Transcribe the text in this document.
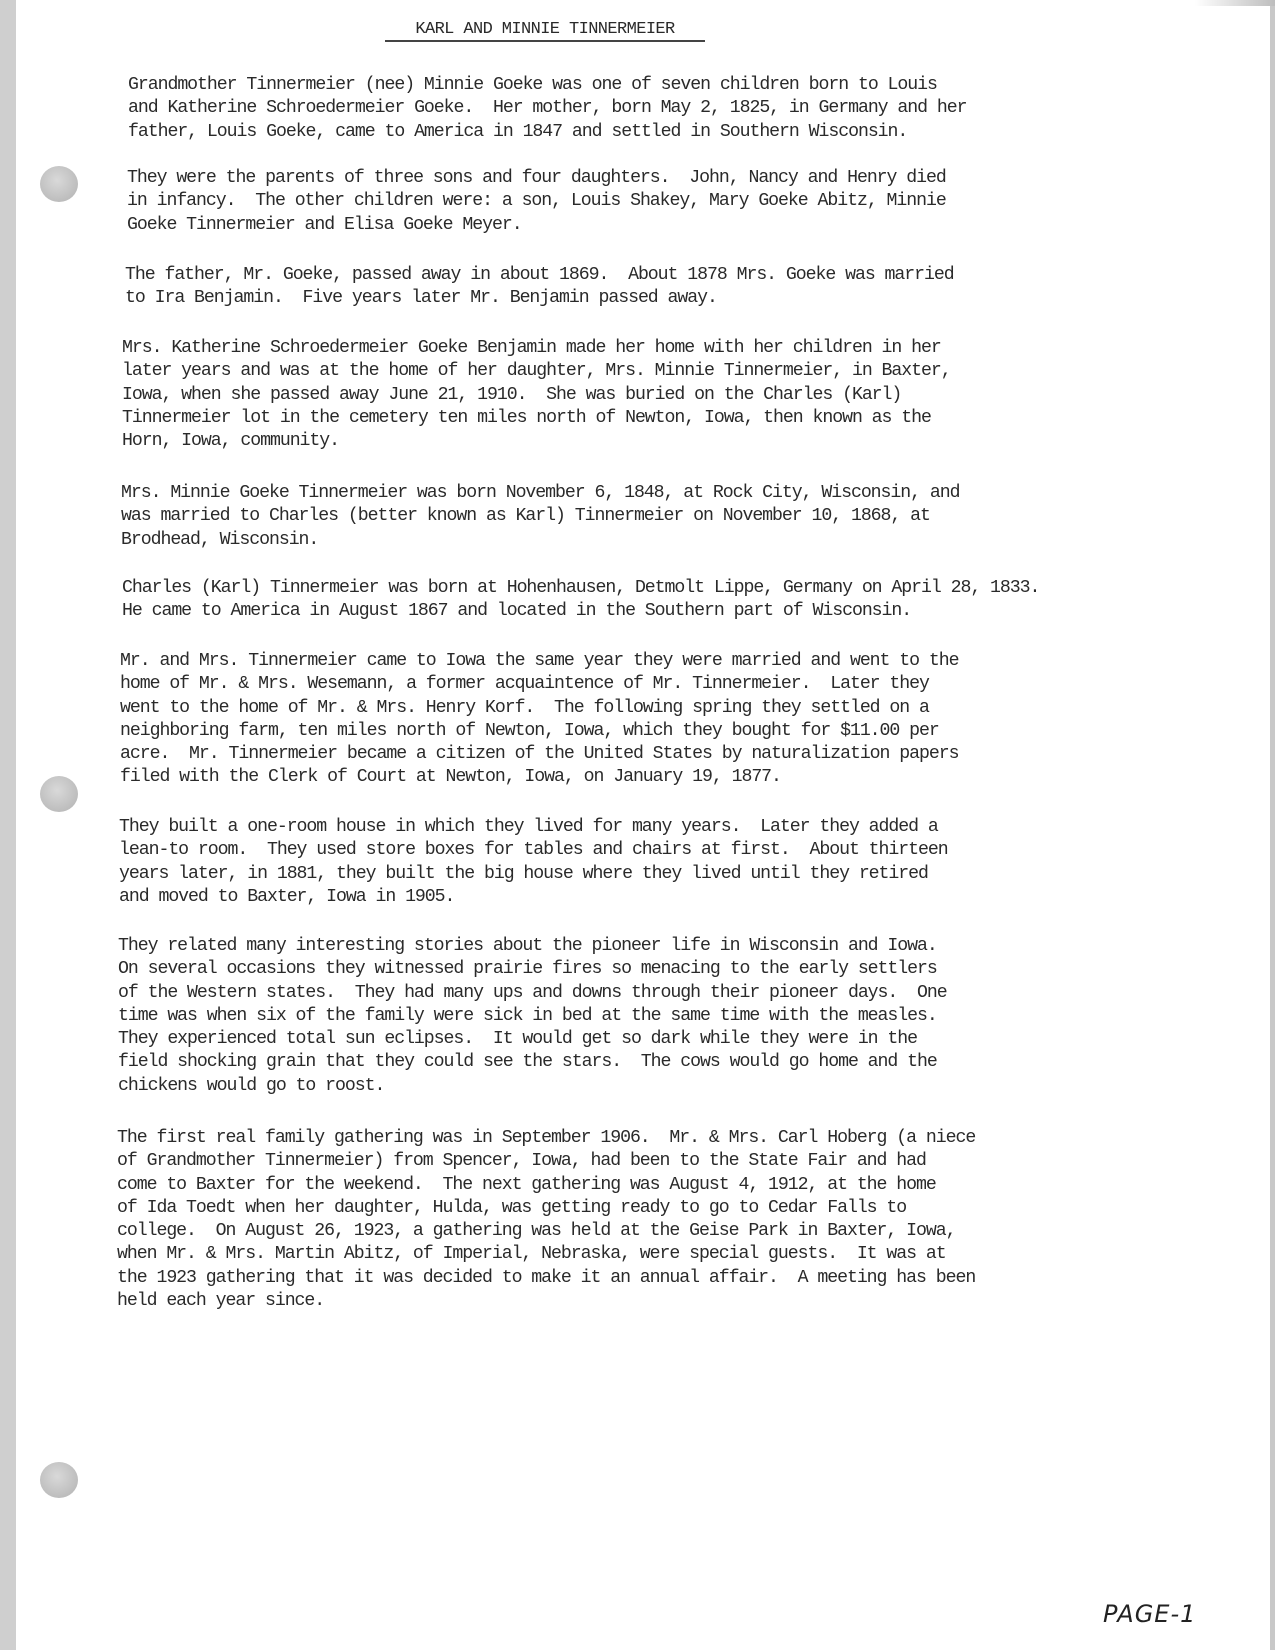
KARL AND MINNIE TINNERMEIER

Grandmother Tinnermeier (nee) Minnie Goeke was one of seven children born to Louis
and Katherine Schroedermeier Goeke.  Her mother, born May 2, 1825, in Germany and her
father, Louis Goeke, came to America in 1847 and settled in Southern Wisconsin.

They were the parents of three sons and four daughters.  John, Nancy and Henry died
in infancy.  The other children were: a son, Louis Shakey, Mary Goeke Abitz, Minnie
Goeke Tinnermeier and Elisa Goeke Meyer.

The father, Mr. Goeke, passed away in about 1869.  About 1878 Mrs. Goeke was married
to Ira Benjamin.  Five years later Mr. Benjamin passed away.

Mrs. Katherine Schroedermeier Goeke Benjamin made her home with her children in her
later years and was at the home of her daughter, Mrs. Minnie Tinnermeier, in Baxter,
Iowa, when she passed away June 21, 1910.  She was buried on the Charles (Karl)
Tinnermeier lot in the cemetery ten miles north of Newton, Iowa, then known as the
Horn, Iowa, community.

Mrs. Minnie Goeke Tinnermeier was born November 6, 1848, at Rock City, Wisconsin, and
was married to Charles (better known as Karl) Tinnermeier on November 10, 1868, at
Brodhead, Wisconsin.

Charles (Karl) Tinnermeier was born at Hohenhausen, Detmolt Lippe, Germany on April 28, 1833.
He came to America in August 1867 and located in the Southern part of Wisconsin.

Mr. and Mrs. Tinnermeier came to Iowa the same year they were married and went to the
home of Mr. & Mrs. Wesemann, a former acquaintence of Mr. Tinnermeier.  Later they
went to the home of Mr. & Mrs. Henry Korf.  The following spring they settled on a
neighboring farm, ten miles north of Newton, Iowa, which they bought for $11.00 per
acre.  Mr. Tinnermeier became a citizen of the United States by naturalization papers
filed with the Clerk of Court at Newton, Iowa, on January 19, 1877.

They built a one-room house in which they lived for many years.  Later they added a
lean-to room.  They used store boxes for tables and chairs at first.  About thirteen
years later, in 1881, they built the big house where they lived until they retired
and moved to Baxter, Iowa in 1905.

They related many interesting stories about the pioneer life in Wisconsin and Iowa.
On several occasions they witnessed prairie fires so menacing to the early settlers
of the Western states.  They had many ups and downs through their pioneer days.  One
time was when six of the family were sick in bed at the same time with the measles.
They experienced total sun eclipses.  It would get so dark while they were in the
field shocking grain that they could see the stars.  The cows would go home and the
chickens would go to roost.

The first real family gathering was in September 1906.  Mr. & Mrs. Carl Hoberg (a niece
of Grandmother Tinnermeier) from Spencer, Iowa, had been to the State Fair and had
come to Baxter for the weekend.  The next gathering was August 4, 1912, at the home
of Ida Toedt when her daughter, Hulda, was getting ready to go to Cedar Falls to
college.  On August 26, 1923, a gathering was held at the Geise Park in Baxter, Iowa,
when Mr. & Mrs. Martin Abitz, of Imperial, Nebraska, were special guests.  It was at
the 1923 gathering that it was decided to make it an annual affair.  A meeting has been
held each year since.

PAGE-1
